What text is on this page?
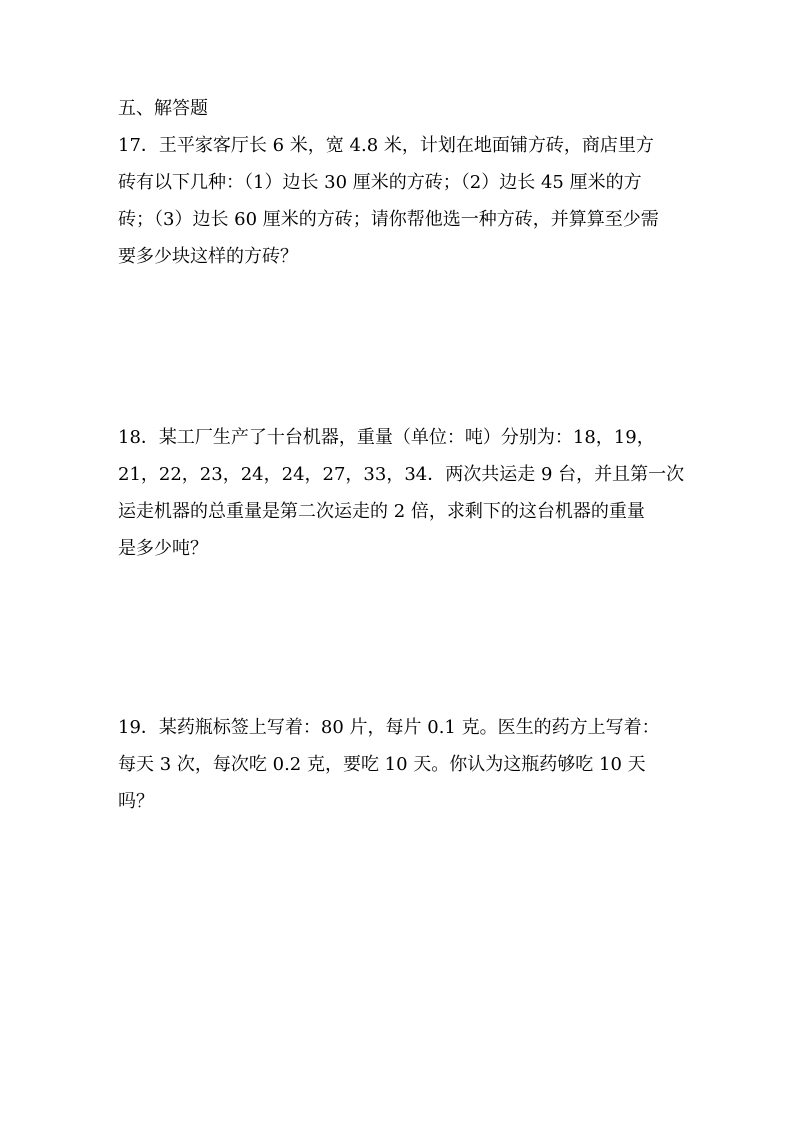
五、解答题
17．王平家客厅长 6 米，宽 4.8 米，计划在地面铺方砖，商店里方
砖有以下几种：（1）边长 30 厘米的方砖；（2）边长 45 厘米的方
砖；（3）边长 60 厘米的方砖；请你帮他选一种方砖，并算算至少需
要多少块这样的方砖？
18．某工厂生产了十台机器，重量（单位：吨）分别为：18，19，
21，22，23，24，24，27，33，34．两次共运走 9 台，并且第一次
运走机器的总重量是第二次运走的 2 倍，求剩下的这台机器的重量
是多少吨？
19．某药瓶标签上写着：80 片，每片 0.1 克。医生的药方上写着：
每天 3 次，每次吃 0.2 克，要吃 10 天。你认为这瓶药够吃 10 天
吗？
